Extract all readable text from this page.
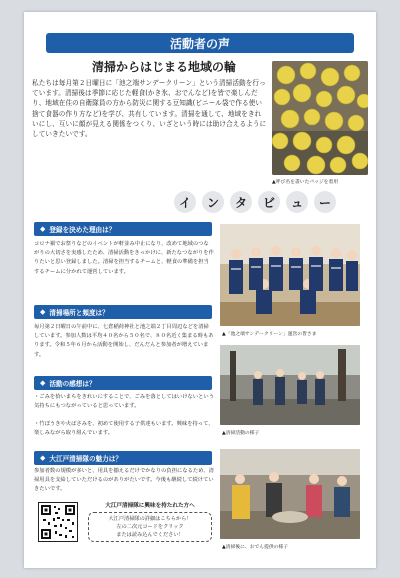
活動者の声
清掃からはじまる地域の輪

私たちは毎月第２日曜日に「池之端サンデークリーン」という清掃活動を行っています。清掃後は季節に応じた軽食(かき氷、おでんなど)を皆で楽しんだり、地域在住の自衛隊員の方から防災に関する豆知識(ビニール袋で作る使い捨て食器の作り方など)を学び、共有しています。清掃を通して、地域をきれいにし、互いに顔が見える関係をつくり、いざという時には助け合えるようにしていきたいです。

▲呼び名を書いたバッジを着用
イ	ン	タ	ビ	ュ	ー
◆ 登録を決めた理由は？

コロナ禍でお祭りなどのイベントが軒並み中止になり、改めて地域のつながりの大切さを実感したため、清掃活動をきっかけに、新たなつながりを作りたいと思い登録しました。清掃を担当するチームと、軽食の準備を担当するチームに分かれて運営しています。

◆ 清掃場所と頻度は？

毎月第２日曜日の午前中に、七倉稲荷神社と池之端２丁目周辺などを清掃しています。参加人数は平均４０名から５０名で、８０名近く集まる時もあります。令和５年６月から活動を開始し、だんだんと参加者が増えています。

◆ 活動の感想は？

・ごみを拾いまちをきれいにすることで、ごみを落としてはいけないという気持ちにもつながっていると思っています。

・竹ぼうきや火ばさみを、初めて使用する子供達もいます。興味を持って、楽しみながら取り組んでいます。

◆ 大江戸清掃隊の魅力は？

参加者数の規模が多いと、用具を揃えるだけでかなりの負担になるため、清掃用具を支給していただけるのがありがたいです。今後も継続して続けていきたいです。

▲「池之端サンデークリーン」運営の皆さま
▲清掃活動の様子
▲清掃後に、おでん提供の様子
大江戸清掃隊に興味を持たれた方へ
大江戸清掃隊の詳細はこちらから！
左の二次元コードをクリック
または読み込んでください！
